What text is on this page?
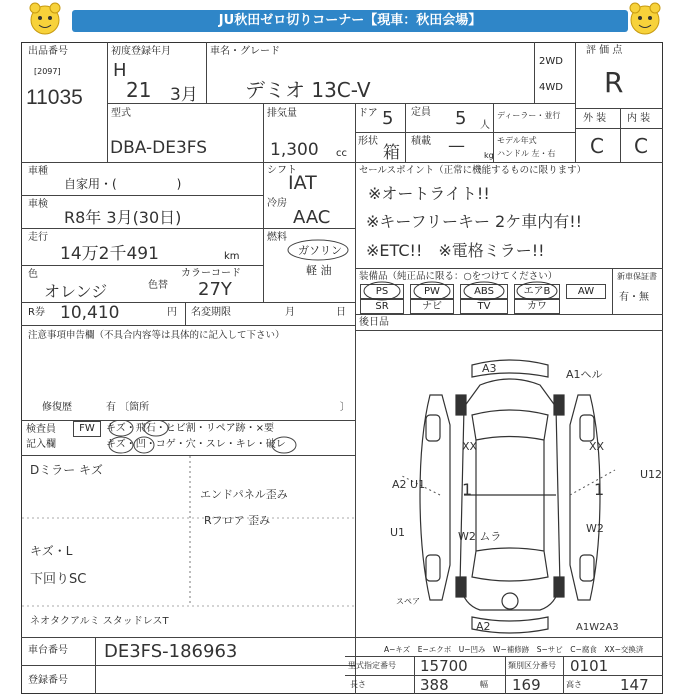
JU秋田ゼロ切りコーナー【現車：秋田会場】
出品番号
[2097]
11035
初度登録年月
H
21 3月
車名・グレード
デミオ 13C-V
2WD
4WD
評 価 点
R
型式
DBA-DE3FS
排気量
1,300 cc
ドア 5 定員 5 人
ディーラー・並行
モデル年式
ハンドル 左・右
形状
箱
積載 — kg
外 装 内 装
C C
車種
自家用・(　　　　　)
シフト
IAT
車検
R8年 3月(30日)
冷房
AAC
走行
14万2千491	km
燃料
ガソリン
軽 油
色
オレンジ	色替
カラーコード
27Y
R券 10,410	円 名変期限	月	日
注意事項申告欄（不具合内容等は具体的に記入して下さい）
修復歴	有 〔箇所	〕
検査員
記入欄
FW	キズ・飛石・ヒビ割・リペア跡・×要
キズ・凹・コゲ・穴・スレ・キレ・破レ
Dミラー キズ
エンドパネル歪み
Rフロア 歪み
キズ・L
下回りSC
ネオタクアルミ スタッドレスT
セールスポイント（正常に機能するものに限ります）
※オートライト!!
※キーフリーキー 2ケ車内有!!
※ETC!!　※電格ミラー!!
装備品（純正品に限る：○をつけてください）	新車保証書
有・無
PS	PW	ABS	エアB	AW
SR	ナビ	TV	カワ
後日品
A3	A1ヘル
XX	XX
A2 U1 1	1
U12
U1	W2 ムラ
W2
スペア
A2	A1W2A3
A−キズ　E−エクボ　U−凹み　W−補修跡　S−サビ　C−腐食　XX−交換済
車台番号 DE3FS-186963
登録番号
型式指定番号 15700	類別区分番号 0101
長さ	388	幅 169	高さ	147
